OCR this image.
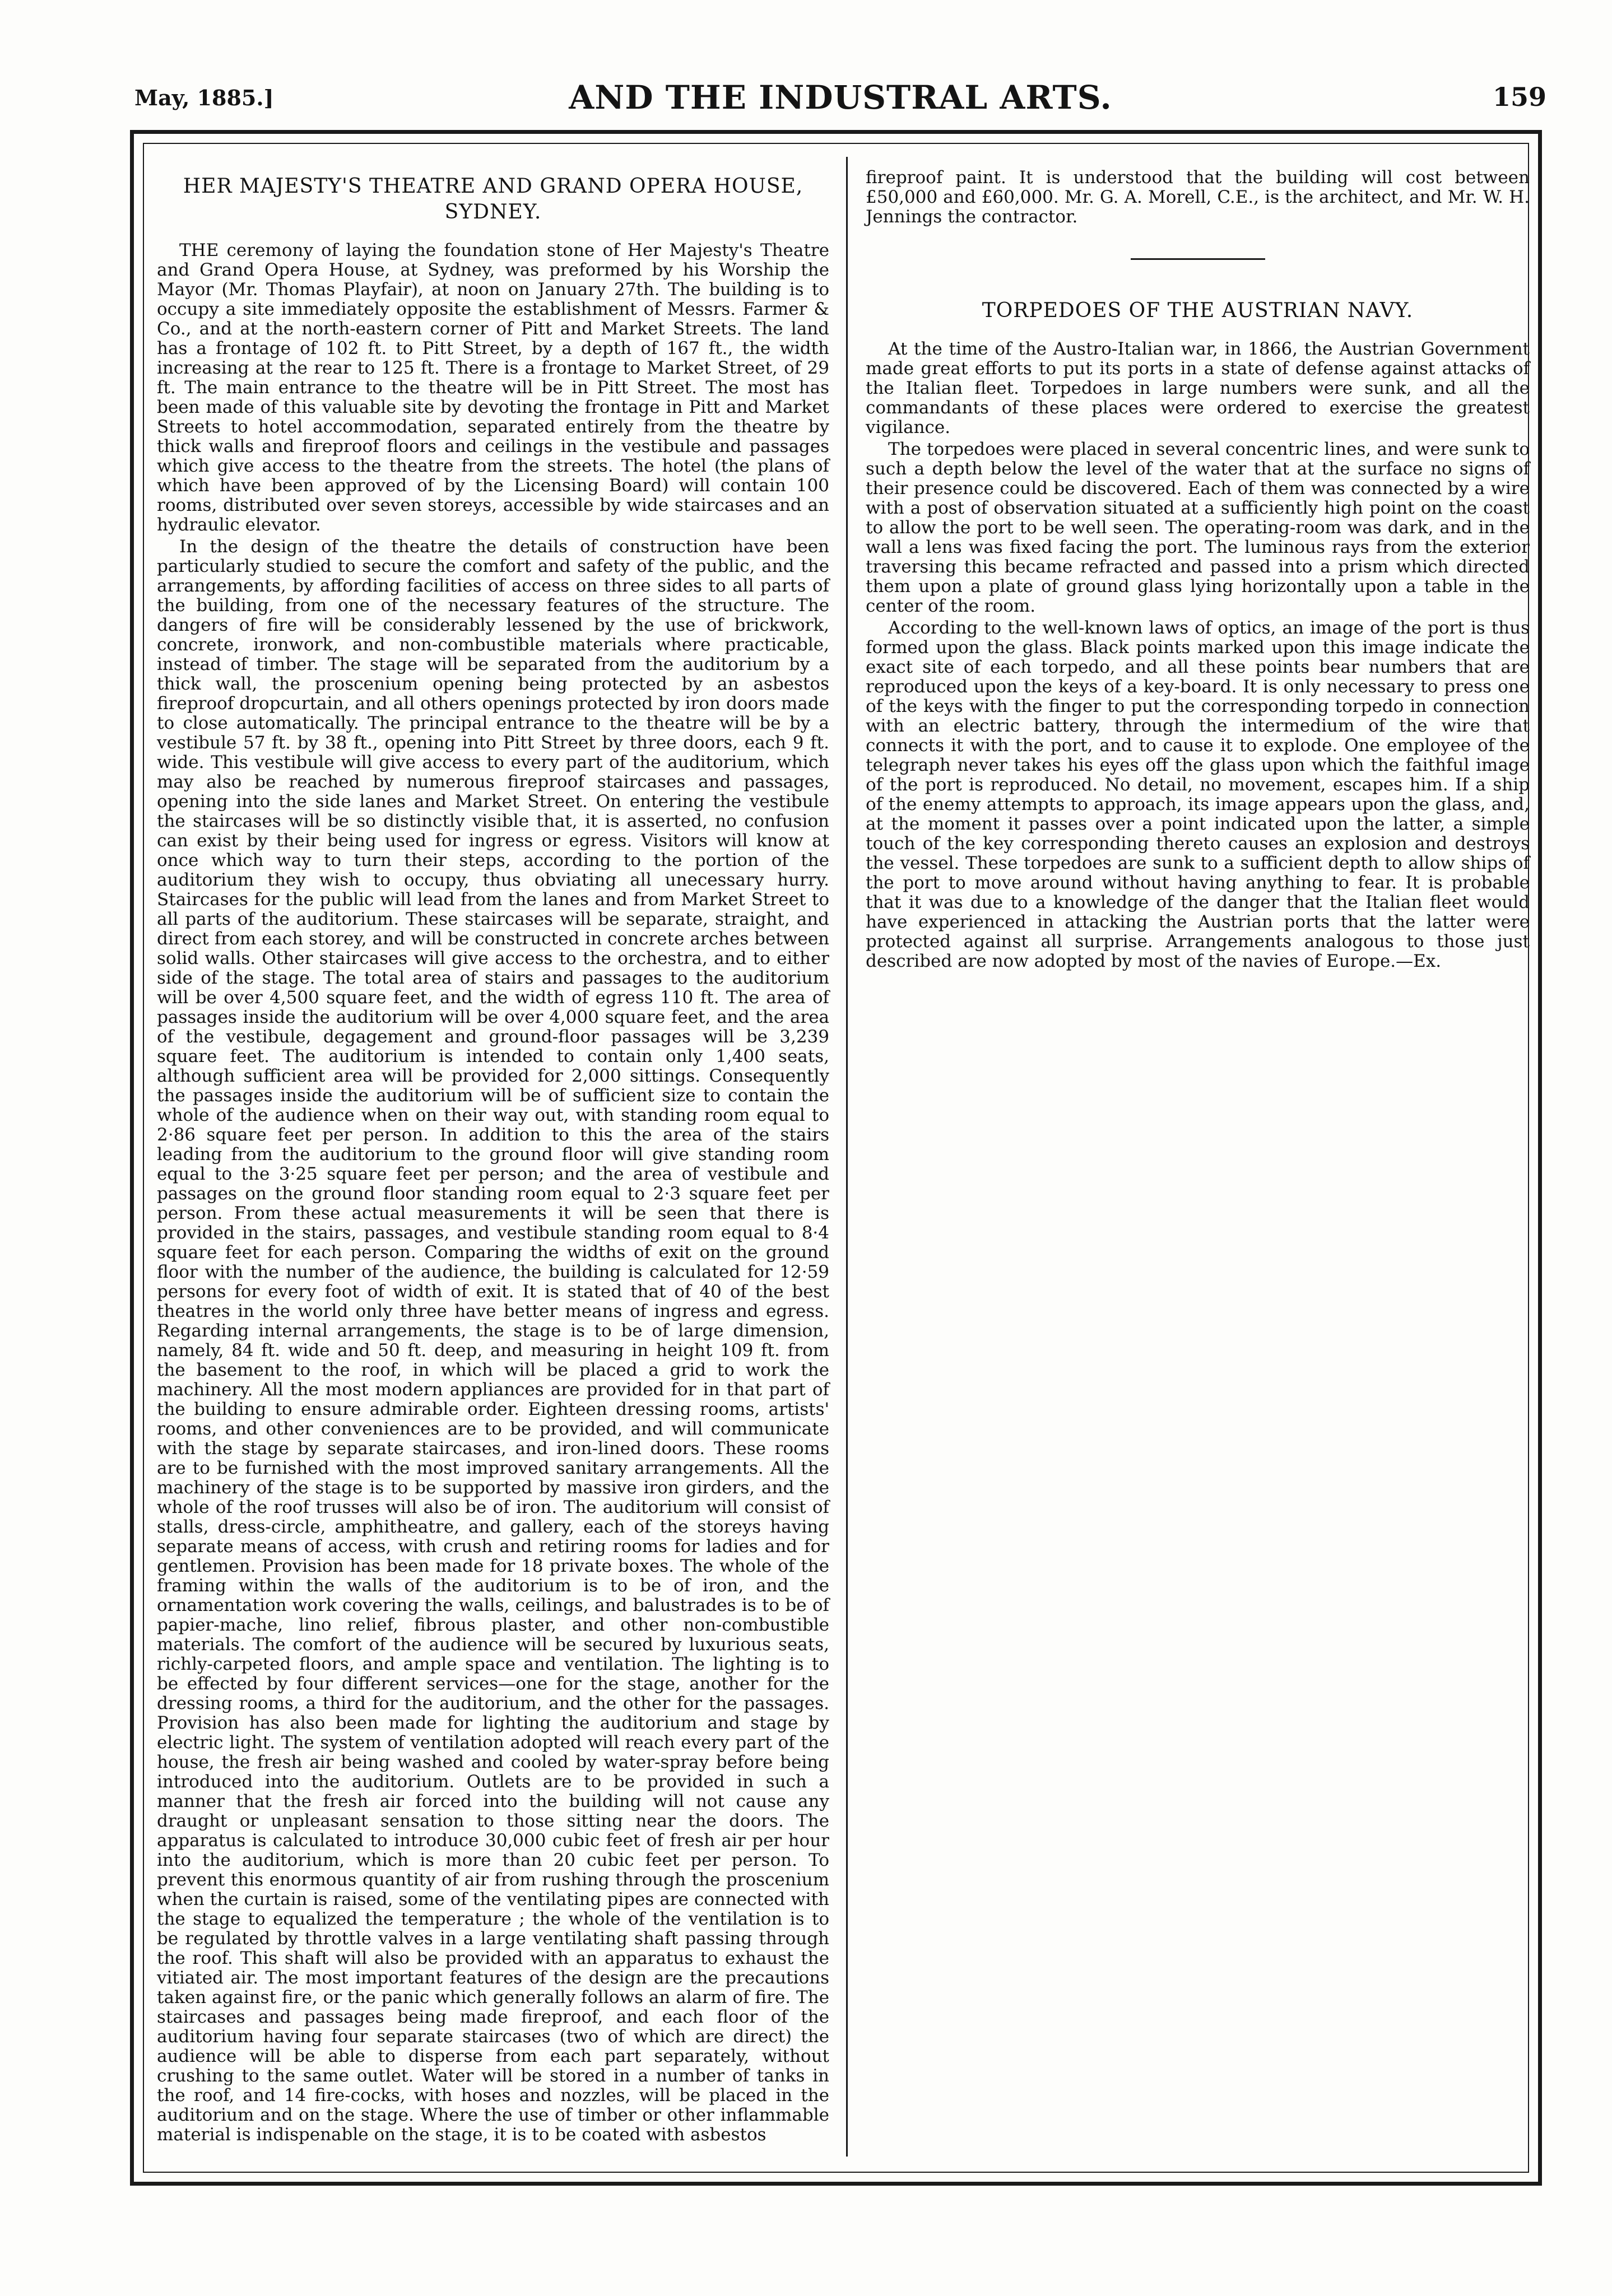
May, 1885.]	AND THE INDUSTRAL ARTS.	159
HER MAJESTY'S THEATRE AND GRAND OPERA HOUSE, SYDNEY.

THE ceremony of laying the foundation stone of Her Majesty's Theatre and Grand Opera House, at Sydney, was preformed by his Worship the Mayor (Mr. Thomas Playfair), at noon on January 27th. The building is to occupy a site immediately opposite the establishment of Messrs. Farmer & Co., and at the north-eastern corner of Pitt and Market Streets. The land has a frontage of 102 ft. to Pitt Street, by a depth of 167 ft., the width increasing at the rear to 125 ft. There is a frontage to Market Street, of 29 ft. The main entrance to the theatre will be in Pitt Street. The most has been made of this valuable site by devoting the frontage in Pitt and Market Streets to hotel accommodation, separated entirely from the theatre by thick walls and fireproof floors and ceilings in the vestibule and passages which give access to the theatre from the streets. The hotel (the plans of which have been approved of by the Licensing Board) will contain 100 rooms, distributed over seven storeys, accessible by wide staircases and an hydraulic elevator.

In the design of the theatre the details of construction have been particularly studied to secure the comfort and safety of the public, and the arrangements, by affording facilities of access on three sides to all parts of the building, from one of the necessary features of the structure. The dangers of fire will be considerably lessened by the use of brickwork, concrete, ironwork, and non-combustible materials where practicable, instead of timber. The stage will be separated from the auditorium by a thick wall, the proscenium opening being protected by an asbestos fireproof dropcurtain, and all others openings protected by iron doors made to close automatically. The principal entrance to the theatre will be by a vestibule 57 ft. by 38 ft., opening into Pitt Street by three doors, each 9 ft. wide. This vestibule will give access to every part of the auditorium, which may also be reached by numerous fireproof staircases and passages, opening into the side lanes and Market Street. On entering the vestibule the staircases will be so distinctly visible that, it is asserted, no confusion can exist by their being used for ingress or egress. Visitors will know at once which way to turn their steps, according to the portion of the auditorium they wish to occupy, thus obviating all unecessary hurry. Staircases for the public will lead from the lanes and from Market Street to all parts of the auditorium. These staircases will be separate, straight, and direct from each storey, and will be constructed in concrete arches between solid walls. Other staircases will give access to the orchestra, and to either side of the stage. The total area of stairs and passages to the auditorium will be over 4,500 square feet, and the width of egress 110 ft. The area of passages inside the auditorium will be over 4,000 square feet, and the area of the vestibule, degagement and ground-floor passages will be 3,239 square feet. The auditorium is intended to contain only 1,400 seats, although sufficient area will be provided for 2,000 sittings. Consequently the passages inside the auditorium will be of sufficient size to contain the whole of the audience when on their way out, with standing room equal to 2·86 square feet per person. In addition to this the area of the stairs leading from the auditorium to the ground floor will give standing room equal to the 3·25 square feet per person; and the area of vestibule and passages on the ground floor standing room equal to 2·3 square feet per person. From these actual measurements it will be seen that there is provided in the stairs, passages, and vestibule standing room equal to 8·4 square feet for each person. Comparing the widths of exit on the ground floor with the number of the audience, the building is calculated for 12·59 persons for every foot of width of exit. It is stated that of 40 of the best theatres in the world only three have better means of ingress and egress. Regarding internal arrangements, the stage is to be of large dimension, namely, 84 ft. wide and 50 ft. deep, and measuring in height 109 ft. from the basement to the roof, in which will be placed a grid to work the machinery. All the most modern appliances are provided for in that part of the building to ensure admirable order. Eighteen dressing rooms, artists' rooms, and other conveniences are to be provided, and will communicate with the stage by separate staircases, and iron-lined doors. These rooms are to be furnished with the most improved sanitary arrangements. All the machinery of the stage is to be supported by massive iron girders, and the whole of the roof trusses will also be of iron. The auditorium will consist of stalls, dress-circle, amphitheatre, and gallery, each of the storeys having separate means of access, with crush and retiring rooms for ladies and for gentlemen. Provision has been made for 18 private boxes. The whole of the framing within the walls of the auditorium is to be of iron, and the ornamentation work covering the walls, ceilings, and balustrades is to be of papier-mache, lino relief, fibrous plaster, and other non-combustible materials. The comfort of the audience will be secured by luxurious seats, richly-carpeted floors, and ample space and ventilation. The lighting is to be effected by four different services—one for the stage, another for the dressing rooms, a third for the auditorium, and the other for the passages. Provision has also been made for lighting the auditorium and stage by electric light. The system of ventilation adopted will reach every part of the house, the fresh air being washed and cooled by water-spray before being introduced into the auditorium. Outlets are to be provided in such a manner that the fresh air forced into the building will not cause any draught or unpleasant sensation to those sitting near the doors. The apparatus is calculated to introduce 30,000 cubic feet of fresh air per hour into the auditorium, which is more than 20 cubic feet per person. To prevent this enormous quantity of air from rushing through the proscenium when the curtain is raised, some of the ventilating pipes are connected with the stage to equalized the temperature ; the whole of the ventilation is to be regulated by throttle valves in a large ventilating shaft passing through the roof. This shaft will also be provided with an apparatus to exhaust the vitiated air. The most important features of the design are the precautions taken against fire, or the panic which generally follows an alarm of fire. The staircases and passages being made fireproof, and each floor of the auditorium having four separate staircases (two of which are direct) the audience will be able to disperse from each part separately, without crushing to the same outlet. Water will be stored in a number of tanks in the roof, and 14 fire-cocks, with hoses and nozzles, will be placed in the auditorium and on the stage. Where the use of timber or other inflammable material is indispenable on the stage, it is to be coated with asbestos

fireproof paint. It is understood that the building will cost between £50,000 and £60,000. Mr. G. A. Morell, C.E., is the architect, and Mr. W. H. Jennings the contractor.

TORPEDOES OF THE AUSTRIAN NAVY.

At the time of the Austro-Italian war, in 1866, the Austrian Government made great efforts to put its ports in a state of defense against attacks of the Italian fleet. Torpedoes in large numbers were sunk, and all the commandants of these places were ordered to exercise the greatest vigilance.

The torpedoes were placed in several concentric lines, and were sunk to such a depth below the level of the water that at the surface no signs of their presence could be discovered. Each of them was connected by a wire with a post of observation situated at a sufficiently high point on the coast to allow the port to be well seen. The operating-room was dark, and in the wall a lens was fixed facing the port. The luminous rays from the exterior traversing this became refracted and passed into a prism which directed them upon a plate of ground glass lying horizontally upon a table in the center of the room.

According to the well-known laws of optics, an image of the port is thus formed upon the glass. Black points marked upon this image indicate the exact site of each torpedo, and all these points bear numbers that are reproduced upon the keys of a key-board. It is only necessary to press one of the keys with the finger to put the corresponding torpedo in connection with an electric battery, through the intermedium of the wire that connects it with the port, and to cause it to explode. One employee of the telegraph never takes his eyes off the glass upon which the faithful image of the port is reproduced. No detail, no movement, escapes him. If a ship of the enemy attempts to approach, its image appears upon the glass, and, at the moment it passes over a point indicated upon the latter, a simple touch of the key corresponding thereto causes an explosion and destroys the vessel. These torpedoes are sunk to a sufficient depth to allow ships of the port to move around without having anything to fear. It is probable that it was due to a knowledge of the danger that the Italian fleet would have experienced in attacking the Austrian ports that the latter were protected against all surprise. Arrangements analogous to those just described are now adopted by most of the navies of Europe.—Ex.
